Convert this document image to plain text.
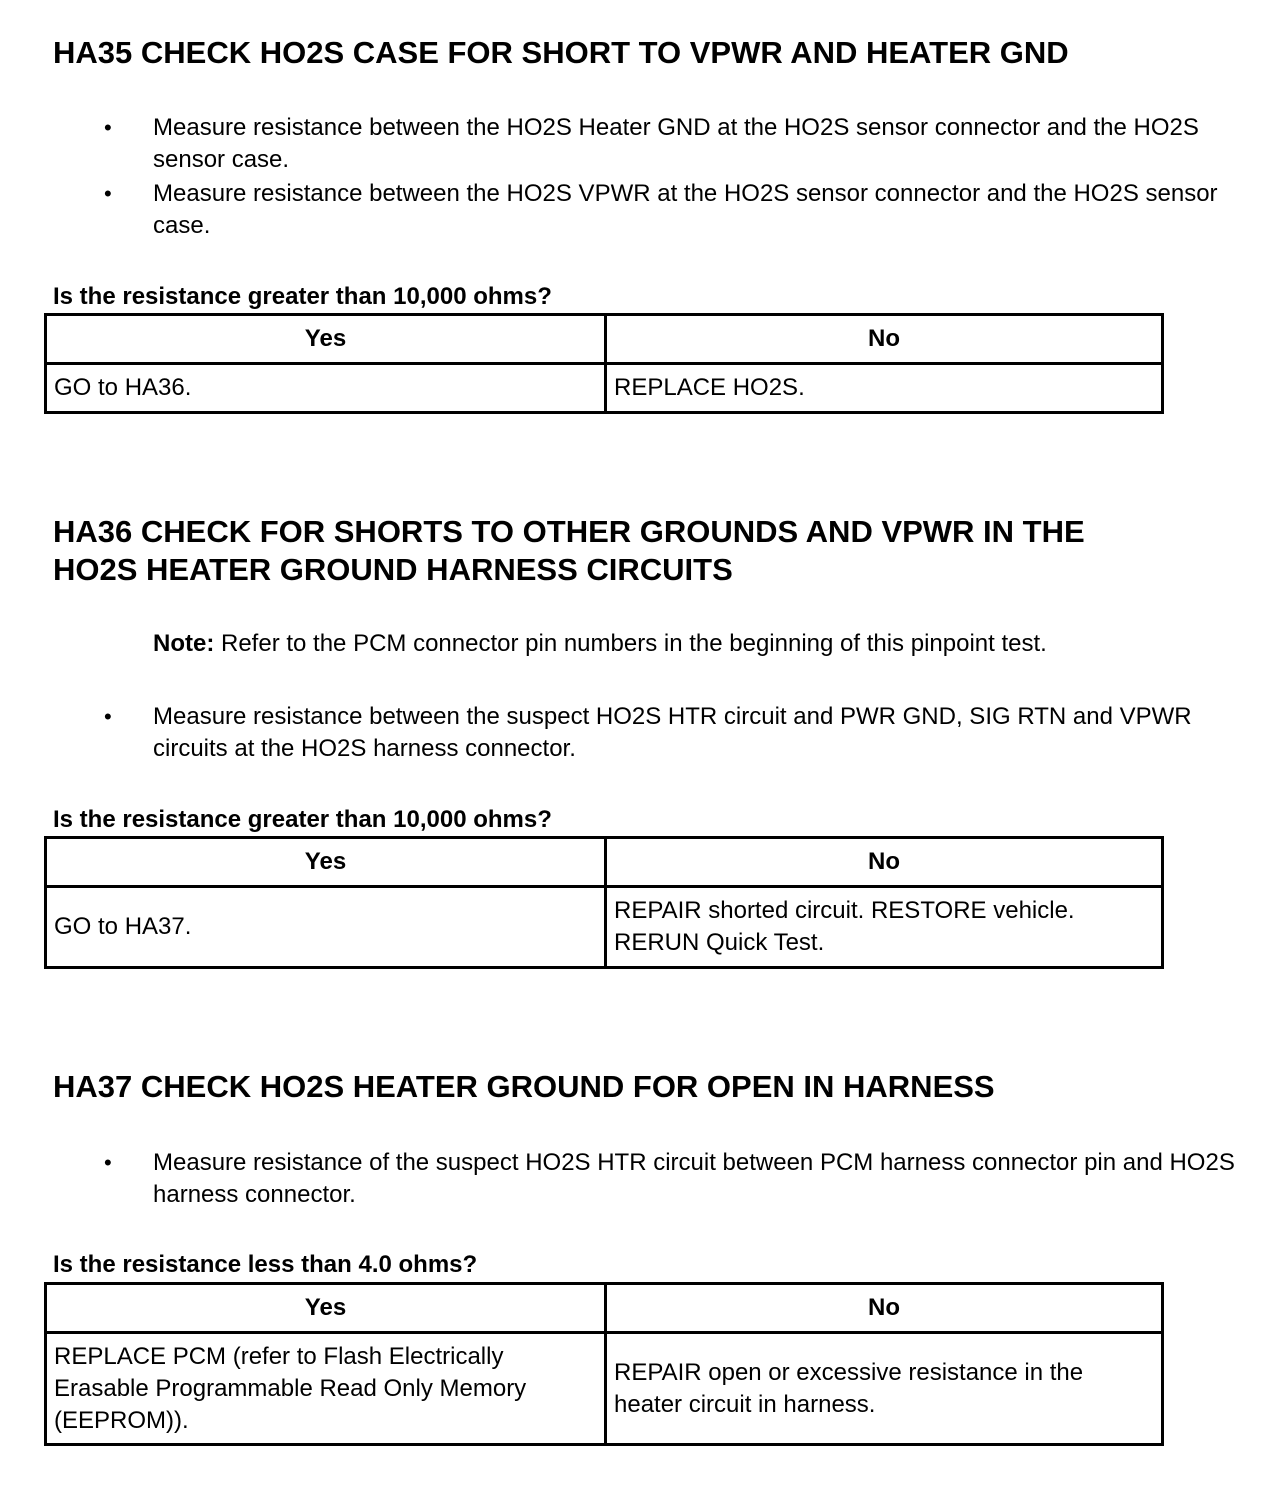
HA35 CHECK HO2S CASE FOR SHORT TO VPWR AND HEATER GND
• Measure resistance between the HO2S Heater GND at the HO2S sensor connector and the HO2S sensor case.
• Measure resistance between the HO2S VPWR at the HO2S sensor connector and the HO2S sensor case.

Is the resistance greater than 10,000 ohms?

Yes	No
GO to HA36.	REPLACE HO2S.
HA36 CHECK FOR SHORTS TO OTHER GROUNDS AND VPWR IN THE
HO2S HEATER GROUND HARNESS CIRCUITS

Note: Refer to the PCM connector pin numbers in the beginning of this pinpoint test.

• Measure resistance between the suspect HO2S HTR circuit and PWR GND, SIG RTN and VPWR circuits at the HO2S harness connector.

Is the resistance greater than 10,000 ohms?

Yes	No
GO to HA37.	REPAIR shorted circuit. RESTORE vehicle. RERUN Quick Test.
HA37 CHECK HO2S HEATER GROUND FOR OPEN IN HARNESS
• Measure resistance of the suspect HO2S HTR circuit between PCM harness connector pin and HO2S harness connector.

Is the resistance less than 4.0 ohms?

Yes	No
REPLACE PCM (refer to Flash Electrically Erasable Programmable Read Only Memory (EEPROM)).	REPAIR open or excessive resistance in the heater circuit in harness.
